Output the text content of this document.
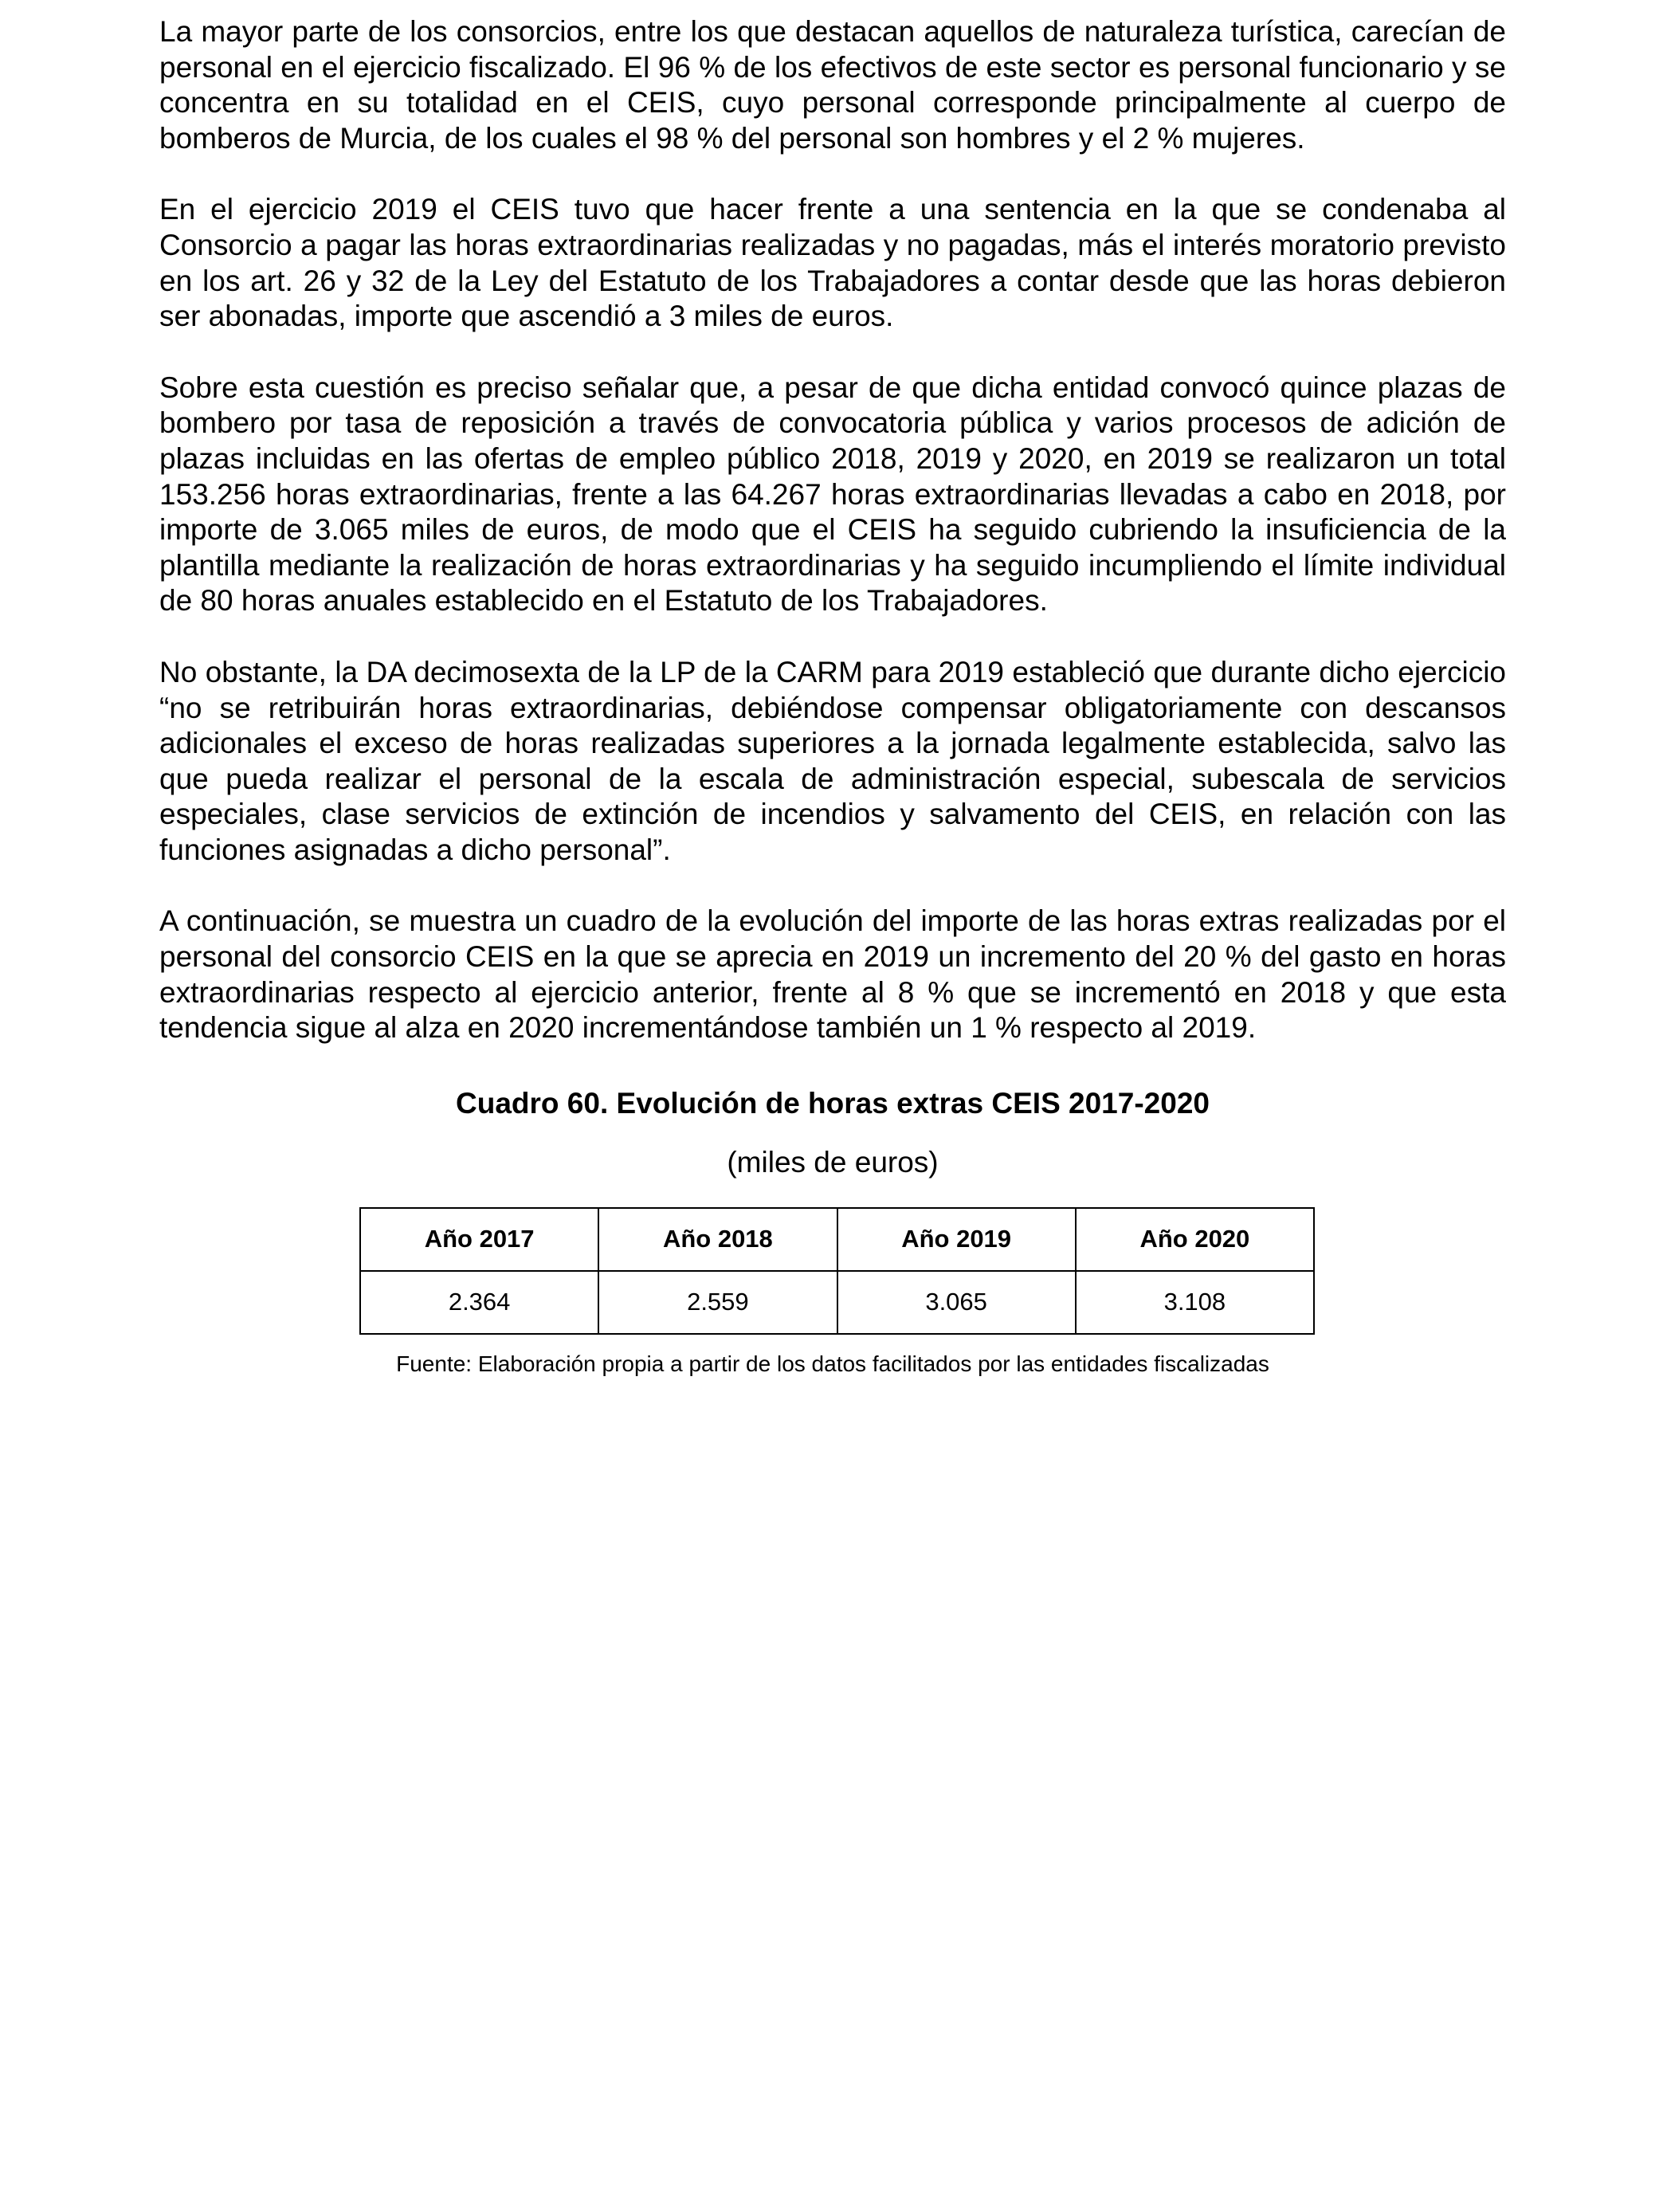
La mayor parte de los consorcios, entre los que destacan aquellos de naturaleza turística, carecían de personal en el ejercicio fiscalizado. El 96 % de los efectivos de este sector es personal funcionario y se concentra en su totalidad en el CEIS, cuyo personal corresponde principalmente al cuerpo de bomberos de Murcia, de los cuales el 98 % del personal son hombres y el 2 % mujeres.

En el ejercicio 2019 el CEIS tuvo que hacer frente a una sentencia en la que se condenaba al Consorcio a pagar las horas extraordinarias realizadas y no pagadas, más el interés moratorio previsto en los art. 26 y 32 de la Ley del Estatuto de los Trabajadores a contar desde que las horas debieron ser abonadas, importe que ascendió a 3 miles de euros.

Sobre esta cuestión es preciso señalar que, a pesar de que dicha entidad convocó quince plazas de bombero por tasa de reposición a través de convocatoria pública y varios procesos de adición de plazas incluidas en las ofertas de empleo público 2018, 2019 y 2020, en 2019 se realizaron un total 153.256 horas extraordinarias, frente a las 64.267 horas extraordinarias llevadas a cabo en 2018, por importe de 3.065 miles de euros, de modo que el CEIS ha seguido cubriendo la insuficiencia de la plantilla mediante la realización de horas extraordinarias y ha seguido incumpliendo el límite individual de 80 horas anuales establecido en el Estatuto de los Trabajadores.

No obstante, la DA decimosexta de la LP de la CARM para 2019 estableció que durante dicho ejercicio “no se retribuirán horas extraordinarias, debiéndose compensar obligatoriamente con descansos adicionales el exceso de horas realizadas superiores a la jornada legalmente establecida, salvo las que pueda realizar el personal de la escala de administración especial, subescala de servicios especiales, clase servicios de extinción de incendios y salvamento del CEIS, en relación con las funciones asignadas a dicho personal”.

A continuación, se muestra un cuadro de la evolución del importe de las horas extras realizadas por el personal del consorcio CEIS en la que se aprecia en 2019 un incremento del 20 % del gasto en horas extraordinarias respecto al ejercicio anterior, frente al 8 % que se incrementó en 2018 y que esta tendencia sigue al alza en 2020 incrementándose también un 1 % respecto al 2019.

Cuadro 60. Evolución de horas extras CEIS 2017-2020
(miles de euros)
Año 2017	Año 2018	Año 2019	Año 2020
2.364	2.559	3.065	3.108
Fuente: Elaboración propia a partir de los datos facilitados por las entidades fiscalizadas
